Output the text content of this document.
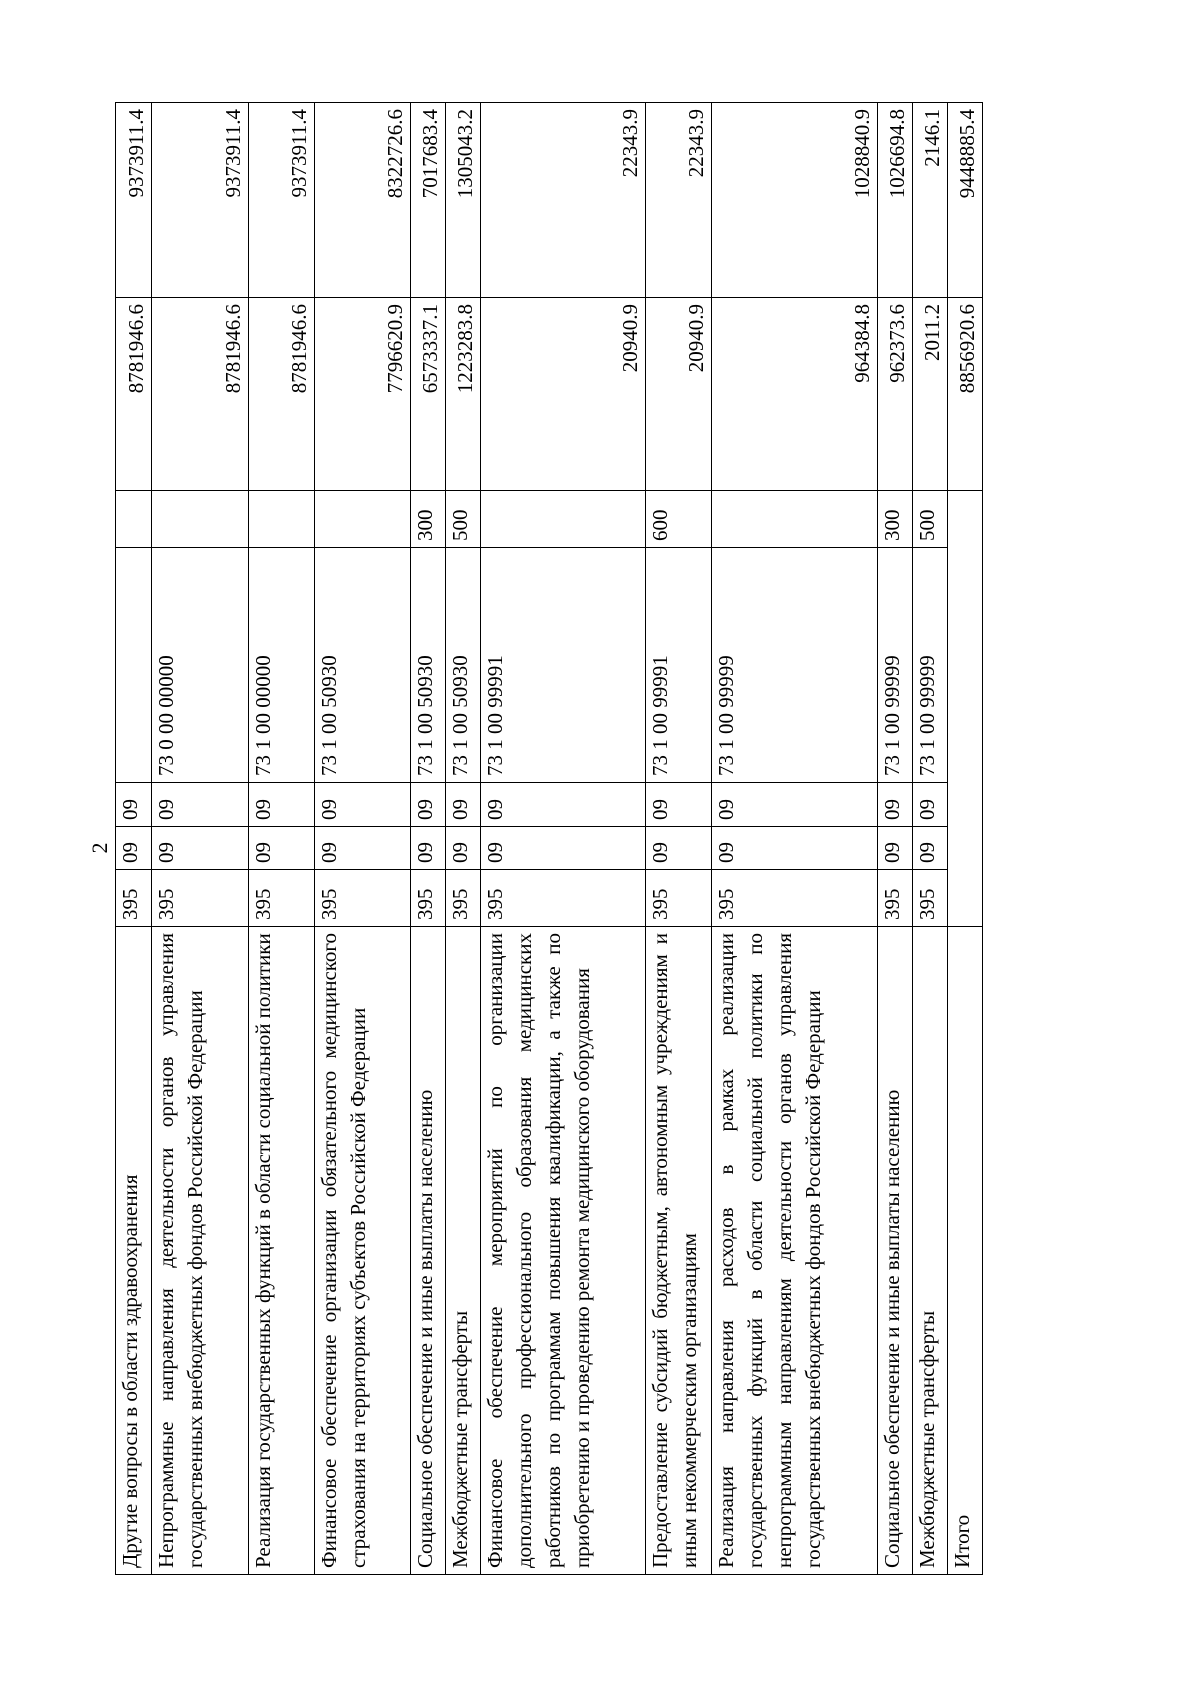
2
Другие вопросы в области здравоохранения	395	09	09			8781946.6	9373911.4
Непрограммные направления деятельности органов управления государственных внебюджетных фондов Российской Федерации	395	09	09	73 0 00 00000		8781946.6	9373911.4
Реализация государственных функций в области социальной политики	395	09	09	73 1 00 00000		8781946.6	9373911.4
Финансовое обеспечение организации обязательного медицинского страхования на территориях субъектов Российской Федерации	395	09	09	73 1 00 50930		7796620.9	8322726.6
Социальное обеспечение и иные выплаты населению	395	09	09	73 1 00 50930	300	6573337.1	7017683.4
Межбюджетные трансферты	395	09	09	73 1 00 50930	500	1223283.8	1305043.2
Финансовое обеспечение мероприятий по организации дополнительного профессионального образования медицинских работников по программам повышения квалификации, а также по приобретению и проведению ремонта медицинского оборудования	395	09	09	73 1 00 99991		20940.9	22343.9
Предоставление субсидий бюджетным, автономным учреждениям и иным некоммерческим организациям	395	09	09	73 1 00 99991	600	20940.9	22343.9
Реализация направления расходов в рамках реализации государственных функций в области социальной политики по непрограммным направлениям деятельности органов управления государственных внебюджетных фондов Российской Федерации	395	09	09	73 1 00 99999		964384.8	1028840.9
Социальное обеспечение и иные выплаты населению	395	09	09	73 1 00 99999	300	962373.6	1026694.8
Межбюджетные трансферты	395	09	09	73 1 00 99999	500	2011.2	2146.1
Итого						8856920.6	9448885.4
